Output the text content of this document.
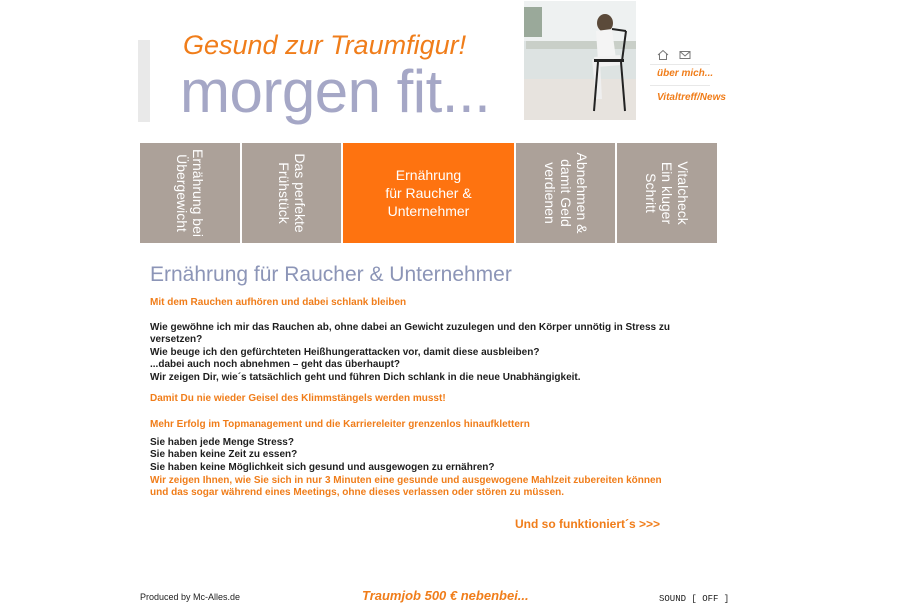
Gesund zur Traumfigur!
morgen fit...
	über mich...
Vitaltreff/News
Ernährung bei
Übergewicht	Das perfekte
Frühstück	Ernährung
für Raucher &
Unternehmer	Abnehmen &
damit Geld
verdienen	Vitalcheck
Ein kluger
Schritt
Ernährung für Raucher & Unternehmer

Mit dem Rauchen aufhören und dabei schlank bleiben

Wie gewöhne ich mir das Rauchen ab, ohne dabei an Gewicht zuzulegen und den Körper unnötig in Stress zu versetzen?

Wie beuge ich den gefürchteten Heißhungerattacken vor, damit diese ausbleiben?

...dabei auch noch abnehmen – geht das überhaupt?

Wir zeigen Dir, wie´s tatsächlich geht und führen Dich schlank in die neue Unabhängigkeit.

Damit Du nie wieder Geisel des Klimmstängels werden musst!

Mehr Erfolg im Topmanagement und die Karriereleiter grenzenlos hinaufklettern

Sie haben jede Menge Stress?

Sie haben keine Zeit zu essen?

Sie haben keine Möglichkeit sich gesund und ausgewogen zu ernähren?

Wir zeigen Ihnen, wie Sie sich in nur 3 Minuten eine gesunde und ausgewogene Mahlzeit zubereiten können und das sogar während eines Meetings, ohne dieses verlassen oder stören zu müssen.

Und so funktioniert´s >>>
Produced by Mc-Alles.de	Traumjob 500 € nebenbei...	SOUND [ OFF ]
